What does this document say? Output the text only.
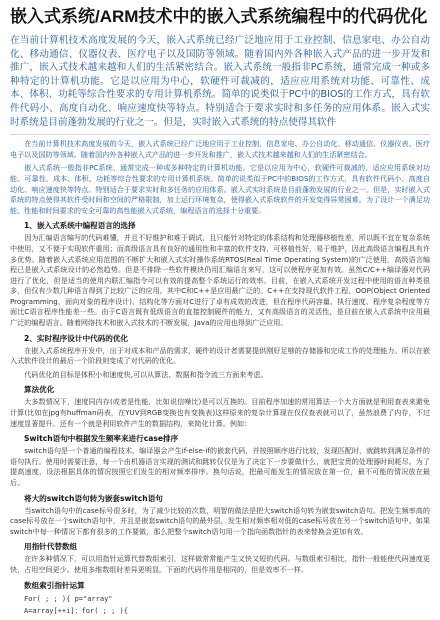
嵌入式系统/ARM技术中的嵌入式系统编程中的代码优化
在当前计算机技术高度发展的今天，嵌入式系统已经广泛地应用于工业控制、信息家电、办公自动化、移动通信、仪器仪表、医疗电子以及国防等领域。随着国内外各种嵌入式产品的进一步开发和推广，嵌入式技术越来越和人们的生活紧密结合。嵌入式系统一般指非PC系统，通常完成一种或多种特定的计算机功能。它是以应用为中心，软硬件可裁减的，适应应用系统对功能、可靠性、成本、体积、功耗等综合性要求的专用计算机系统。简单的说类似于PC中的BIOS的工作方式，具有软件代码小、高度自动化、响应速度快等特点。特别适合于要求实时和多任务的应用体系。嵌入式实时系统是目前蓬勃发展的行业之一。但是，实时嵌入式系统的特点使得其软件
在当前计算机技术高度发展的今天，嵌入式系统已经广泛地应用于工业控制、信息家电、办公自动化、移动通信、仪器仪表、医疗电子以及国防等领域。随着国内外各种嵌入式产品的进一步开发和推广，嵌入式技术越来越和人们的生活紧密结合。
嵌入式系统一般指非PC系统，通常完成一种或多种特定的计算机功能。它是以应用为中心，软硬件可裁减的，适应应用系统对功能、可靠性、成本、体积、功耗等综合性要求的专用计算机系统。简单的说类似于PC中的BIOS的工作方式，具有软件代码小、高度自动化、响应速度快等特点。特别适合于要求实时和多任务的应用体系。嵌入式实时系统是目前蓬勃发展的行业之一。但是，实时嵌入式系统的特点使得其软件受时间和空间的严格限制，加上运行环境复杂，使得嵌入式系统软件的开发变得异常困难。为了设计一个满足功能、性能和时间要求的安全可靠的高性能嵌入式系统，编程语言的选择十分重要。
1、嵌入式系统中编程语言的选择
因为汇编语言编写的代码难懂，并且不好维护和难于调试，且只能针对特定的体系结构和处理器移植性差，所以既不宜在复杂系统中使用，又不便于实现软件重用；而高级语言具有良好的通用性和丰富的软件支持，可移植性好，易于维护，因此高级语言编程具有许多优势。随着嵌入式系统应用范围的不断扩大和嵌入式实时操作系统RTOS(Real Time Operating System)的广泛使用，高级语言编程已是嵌入式系统设计的必然趋势。但是不排除一些软件模块仍用汇编语言来写，这可以使程序更加有效。虽然C/C++编译器对代码进行了优化，但是适当的使用内联汇编指令可以有效的提高整个系统运行的效率。目前，在嵌入式系统开发过程中使用的语言种类很多，但仅有少数几种语言得到了比较广泛的应用。其中C和C++是应用最广泛的。C++在支持现代软件工程、OOP(Object Oriented Programming，面向对象的程序设计)、结构化等方面对C进行了卓有成效的改进，但在程序代码容量、执行速度、程序复杂程度等方面比C语言程序性能差一些。由于C语言既有低级语言的直接控制硬件的能力，又有高级语言的灵活性，是目前在嵌入式系统中应用最广泛的编程语言。随着网络技术和嵌入式技术的不断发展，Java的应用也得到广泛应用。
2、实时程序设计中代码的优化
在嵌入式系统程序开发中，出于对成本和产品的需求，硬件的设计者需要提供刚好足够的存储器和完成工作的处理能力。所以在嵌入式软件设计的最后一个阶段则变成了对代码的优化。
代码优化的目标是体积小和速度快,可以从算法、数据和指令流三方面来考虑。
算法优化
大多数情况下，速度同内存(或者是性能，比如说信噪比)是可以互换的。目前程序加速的常用算法一个大方面就是利用查表来避免计算(比如在jpg有huffman码表，在YUV到RGB变换也有变换表)这样原来的复杂计算现在仅仅查表就可以了，虽然浪费了内存，不过速度显著提升。还有一个就是利用软件产生的数据结构，来简化计算。例如：
Switch语句中根据发生频率来进行case排序
switch语句是一个普通的编程技术，编译器会产生if-else-if的嵌套代码，并按照顺序进行比较，发现匹配时，就跳转到满足条件的语句执行。使用时需要注意，每一个由机器语言实现的测试和跳转仅仅是为了决定下一步要做什么，就把宝贵的处理器时间耗尽。为了提高速度，设法根据具体的情况按照它们发生的相对频率排序。换句话说，把最可能发生的情况放在第一位，最不可能的情况放在最后。
将大的switch语句转为嵌套switch语句
当switch语句中的case标号很多时，为了减少比较的次数，明智的做法是把大switch语句转为嵌套switch语句。把发生频率高的case标号放在一个switch语句中，并且是嵌套switch语句的最外层，发生相对频率相对低的case标号放在另一个switch语句中。如果switch中每一种情况下都有很多的工作要做，那么把整个switch语句用一个指向函数指针的表来替换会更加有效。
用指针代替数组
在许多种情况下，可以用指针运算代替数组索引，这样做常常能产生又快又短的代码。与数组索引相比，指针一般能使代码速度更快，占用空间更少。使用多维数组时差异更明显。下面的代码作用是相同的，但是效率不一样。
数组索引指针运算
For( ; ; ){ p="array"
A=array[++i]；for( ; ; ){
